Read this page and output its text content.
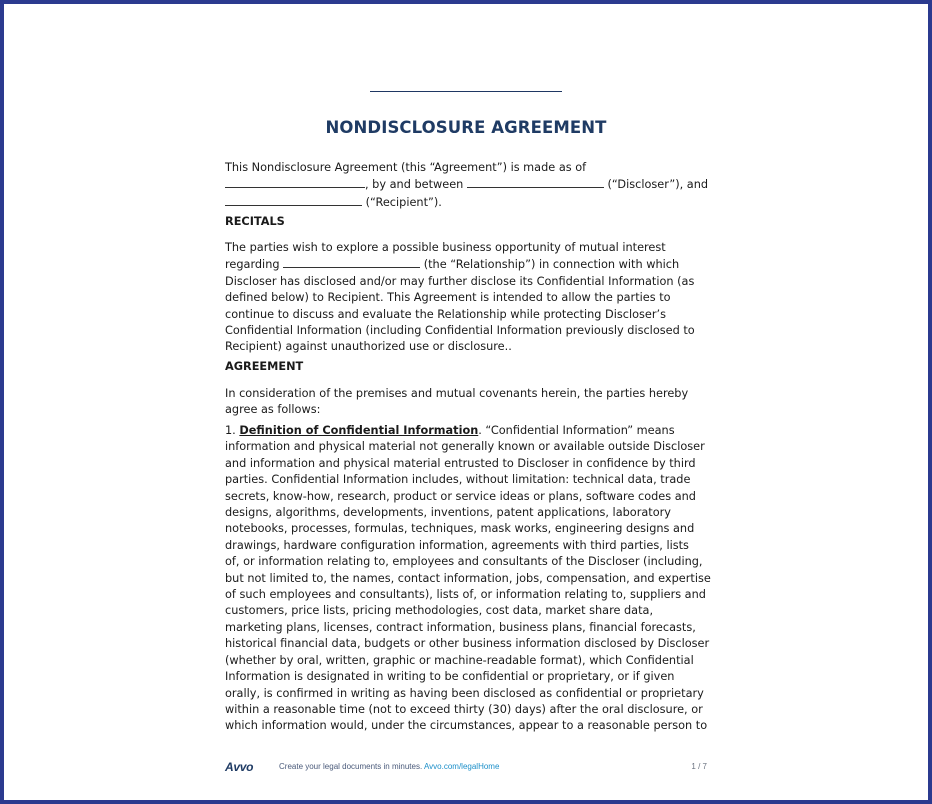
NONDISCLOSURE AGREEMENT
This Nondisclosure Agreement (this “Agreement”) is made as of
, by and between	(“Discloser”), and
(“Recipient”).
RECITALS
The parties wish to explore a possible business opportunity of mutual interest
regarding	(the “Relationship”) in connection with which
Discloser has disclosed and/or may further disclose its Confidential Information (as
defined below) to Recipient. This Agreement is intended to allow the parties to
continue to discuss and evaluate the Relationship while protecting Discloser’s
Confidential Information (including Confidential Information previously disclosed to
Recipient) against unauthorized use or disclosure..
AGREEMENT
In consideration of the premises and mutual covenants herein, the parties hereby
agree as follows:
1. Definition of Confidential Information. “Confidential Information” means
information and physical material not generally known or available outside Discloser
and information and physical material entrusted to Discloser in confidence by third
parties. Confidential Information includes, without limitation: technical data, trade
secrets, know-how, research, product or service ideas or plans, software codes and
designs, algorithms, developments, inventions, patent applications, laboratory
notebooks, processes, formulas, techniques, mask works, engineering designs and
drawings, hardware configuration information, agreements with third parties, lists
of, or information relating to, employees and consultants of the Discloser (including,
but not limited to, the names, contact information, jobs, compensation, and expertise
of such employees and consultants), lists of, or information relating to, suppliers and
customers, price lists, pricing methodologies, cost data, market share data,
marketing plans, licenses, contract information, business plans, financial forecasts,
historical financial data, budgets or other business information disclosed by Discloser
(whether by oral, written, graphic or machine-readable format), which Confidential
Information is designated in writing to be confidential or proprietary, or if given
orally, is confirmed in writing as having been disclosed as confidential or proprietary
within a reasonable time (not to exceed thirty (30) days) after the oral disclosure, or
which information would, under the circumstances, appear to a reasonable person to
Avvo	Create your legal documents in minutes. Avvo.com/legalHome	1 / 7
